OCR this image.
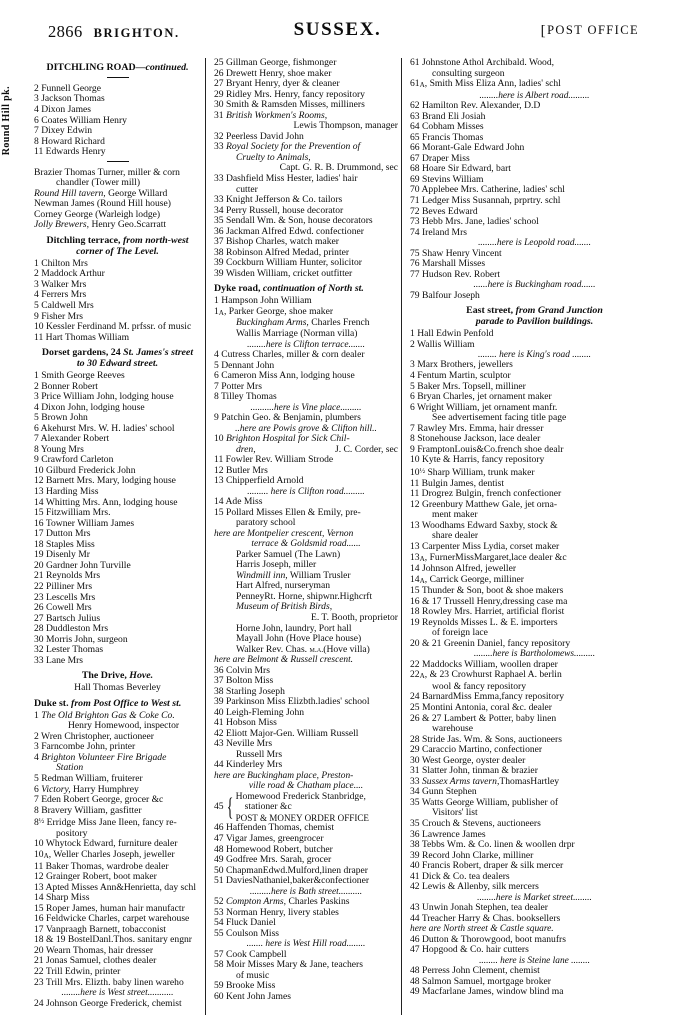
2866 BRIGHTON.	SUSSEX.	[POST OFFICE
Round Hill pk.
DITCHLING ROAD—continued.
2 Funnell George
3 Jackson Thomas
4 Dixon James
6 Coates William Henry
7 Dixey Edwin
8 Howard Richard
11 Edwards Henry
Brazier Thomas Turner, miller & corn
chandler (Tower mill)
Round Hill tavern, George Willard
Newman James (Round Hill house)
Corney George (Warleigh lodge)
Jolly Brewers, Henry Geo.Scarratt
Ditchling terrace, from north-west
corner of The Level.
1 Chilton Mrs
2 Maddock Arthur
3 Walker Mrs
4 Ferrers Mrs
5 Caldwell Mrs
9 Fisher Mrs
10 Kessler Ferdinand M. prfssr. of music
11 Hart Thomas William
Dorset gardens, 24 St. James's street
to 30 Edward street.
1 Smith George Reeves
2 Bonner Robert
3 Price William John, lodging house
4 Dixon John, lodging house
5 Brown John
6 Akehurst Mrs. W. H. ladies' school
7 Alexander Robert
8 Young Mrs
9 Crawford Carleton
10 Gilburd Frederick John
12 Barnett Mrs. Mary, lodging house
13 Harding Miss
14 Whitting Mrs. Ann, lodging house
15 Fitzwilliam Mrs.
16 Towner William James
17 Dutton Mrs
18 Staples Miss
19 Disenly Mr
20 Gardner John Turville
21 Reynolds Mrs
22 Pilliner Mrs
23 Lescells Mrs
26 Cowell Mrs
27 Bartsch Julius
28 Duddleston Mrs
30 Morris John, surgeon
32 Lester Thomas
33 Lane Mrs
The Drive, Hove.
Hall Thomas Beverley
Duke st. from Post Office to West st.
1 The Old Brighton Gas & Coke Co.
Henry Homewood, inspector
2 Wren Christopher, auctioneer
3 Farncombe John, printer
4 Brighton Volunteer Fire Brigade
Station
5 Redman William, fruiterer
6 Victory, Harry Humphrey
7 Eden Robert George, grocer &c
8 Bravery William, gasfitter
$8^{\frac{1}{2}}$ Erridge Miss Jane Ileen, fancy re-
pository
10 Whytock Edward, furniture dealer
10A, Weller Charles Joseph, jeweller
11 Baker Thomas, wardrobe dealer
12 Grainger Robert, boot maker
13 Apted Misses Ann&Henrietta, day schl
14 Sharp Miss
15 Roper James, human hair manufactr
16 Feldwicke Charles, carpet warehouse
17 Vanpraagh Barnett, tobacconist
18 & 19 BostelDanl.Thos. sanitary engnr
20 Wearn Thomas, hair dresser
21 Jonas Samuel, clothes dealer
22 Trill Edwin, printer
23 Trill Mrs. Elizth. baby linen wareho
........here is West street...........
24 Johnson George Frederick, chemist
25 Gillman George, fishmonger
26 Drewett Henry, shoe maker
27 Bryant Henry, dyer & cleaner
29 Ridley Mrs. Henry, fancy repository
30 Smith & Ramsden Misses, milliners
31 British Workmen's Rooms,
Lewis Thompson, manager
32 Peerless David John
33 Royal Society for the Prevention of
Cruelty to Animals,
Capt. G. R. B. Drummond, sec
33 Dashfield Miss Hester, ladies' hair
cutter
33 Knight Jefferson & Co. tailors
34 Perry Russell, house decorator
35 Sendall Wm. & Son, house decorators
36 Jackman Alfred Edwd. confectioner
37 Bishop Charles, watch maker
38 Robinson Alfred Medad, printer
39 Cockburn William Hunter, solicitor
39 Wisden William, cricket outfitter
Dyke road, continuation of North st.
1 Hampson John William
1A, Parker George, shoe maker
Buckingham Arms, Charles French
Wallis Marriage (Norman villa)
........here is Clifton terrace.......
4 Cutress Charles, miller & corn dealer
5 Dennant John
6 Cameron Miss Ann, lodging house
7 Potter Mrs
8 Tilley Thomas
..........here is Vine place.........
9 Patchin Geo. & Benjamin, plumbers
..here are Powis grove & Clifton hill..
10 Brighton Hospital for Sick Chil-
dren,	J. C. Corder, sec
11 Fowler Rev. William Strode
12 Butler Mrs
13 Chipperfield Arnold
......... here is Clifton road.........
14 Ade Miss
15 Pollard Misses Ellen & Emily, pre-
paratory school
here are Montpelier crescent, Vernon
terrace & Goldsmid road......
Parker Samuel (The Lawn)
Harris Joseph, miller
Windmill inn, William Trusler
Hart Alfred, nurseryman
PenneyRt. Horne, shipwnr.Highcrft
Museum of British Birds,
E. T. Booth, proprietor
Horne John, laundry, Port hall
Mayall John (Hove Place house)
Walker Rev. Chas. m.a.(Hove villa)
here are Belmont & Russell crescent.
36 Colvin Mrs
37 Bolton Miss
38 Starling Joseph
39 Parkinson Miss Elizbth.ladies' school
40 Leigh-Fleming John
41 Hobson Miss
42 Eliott Major-Gen. William Russell
43 Neville Mrs
Russell Mrs
44 Kinderley Mrs
here are Buckingham place, Preston-
ville road & Chatham place....
45 { Homewood Frederick Stanbridge,
stationer &c
POST & MONEY ORDER OFFICE
46 Haffenden Thomas, chemist
47 Vigar James, greengrocer
48 Homewood Robert, butcher
49 Godfree Mrs. Sarah, grocer
50 ChapmanEdwd.Mulford,linen draper
51 DaviesNathaniel,baker&confectioner
.........here is Bath street..........
52 Compton Arms, Charles Paskins
53 Norman Henry, livery stables
54 Fluck Daniel
55 Coulson Miss
....... here is West Hill road........
57 Cook Campbell
58 Moir Misses Mary & Jane, teachers
of music
59 Brooke Miss
60 Kent John James
61 Johnstone Athol Archibald. Wood,
consulting surgeon
61A, Smith Miss Eliza Ann, ladies' schl
........here is Albert road.........
62 Hamilton Rev. Alexander, D.D
63 Brand Eli Josiah
64 Cobham Misses
65 Francis Thomas
66 Morant-Gale Edward John
67 Draper Miss
68 Hoare Sir Edward, bart
69 Stevins William
70 Applebee Mrs. Catherine, ladies' schl
71 Ledger Miss Susannah, prprtry. schl
72 Beves Edward
73 Hebb Mrs. Jane, ladies' school
74 Ireland Mrs
........here is Leopold road.......
75 Shaw Henry Vincent
76 Marshall Misses
77 Hudson Rev. Robert
......here is Buckingham road......
79 Balfour Joseph
East street, from Grand Junction
parade to Pavilion buildings.
1 Hall Edwin Penfold
2 Wallis William
........ here is King's road ........
3 Marx Brothers, jewellers
4 Fentum Martin, sculptor
5 Baker Mrs. Topsell, milliner
6 Bryan Charles, jet ornament maker
6 Wright William, jet ornament manfr.
See advertisement facing title page
7 Rawley Mrs. Emma, hair dresser
8 Stonehouse Jackson, lace dealer
9 FramptonLouis&Co.french shoe dealr
10 Kyte & Harris, fancy repository
$10^{\frac{1}{2}}$ Sharp William, trunk maker
11 Bulgin James, dentist
11 Drogrez Bulgin, french confectioner
12 Greenbury Matthew Gale, jet orna-
ment maker
13 Woodhams Edward Saxby, stock &
share dealer
13 Carpenter Miss Lydia, corset maker
13A, FurnerMissMargaret,lace dealer &c
14 Johnson Alfred, jeweller
14A, Carrick George, milliner
15 Thunder & Son, boot & shoe makers
16 & 17 Trussell Henry,dressing case ma
18 Rowley Mrs. Harriet, artificial florist
19 Reynolds Misses L. & E. importers
of foreign lace
20 & 21 Greenin Daniel, fancy repository
........here is Bartholomews.........
22 Maddocks William, woollen draper
22A, & 23 Crowhurst Raphael A. berlin
wool & fancy repository
24 BarnardMiss Emma,fancy repository
25 Montini Antonia, coral &c. dealer
26 & 27 Lambert & Potter, baby linen
warehouse
28 Stride Jas. Wm. & Sons, auctioneers
29 Caraccio Martino, confectioner
30 West George, oyster dealer
31 Slatter John, tinman & brazier
33 Sussex Arms tavern,ThomasHartley
34 Gunn Stephen
35 Watts George William, publisher of
Visitors' list
35 Crouch & Stevens, auctioneers
36 Lawrence James
38 Tebbs Wm. & Co. linen & woollen drpr
39 Record John Clarke, milliner
40 Francis Robert, draper & silk mercer
41 Dick & Co. tea dealers
42 Lewis & Allenby, silk mercers
........here is Market street........
43 Unwin Jonah Stephen, tea dealer
44 Treacher Harry & Chas. booksellers
here are North street & Castle square.
46 Dutton & Thorowgood, boot manufrs
47 Hopgood & Co. hair cutters
........ here is Steine lane ........
48 Perress John Clement, chemist
48 Salmon Samuel, mortgage broker
49 Macfarlane James, window blind ma
